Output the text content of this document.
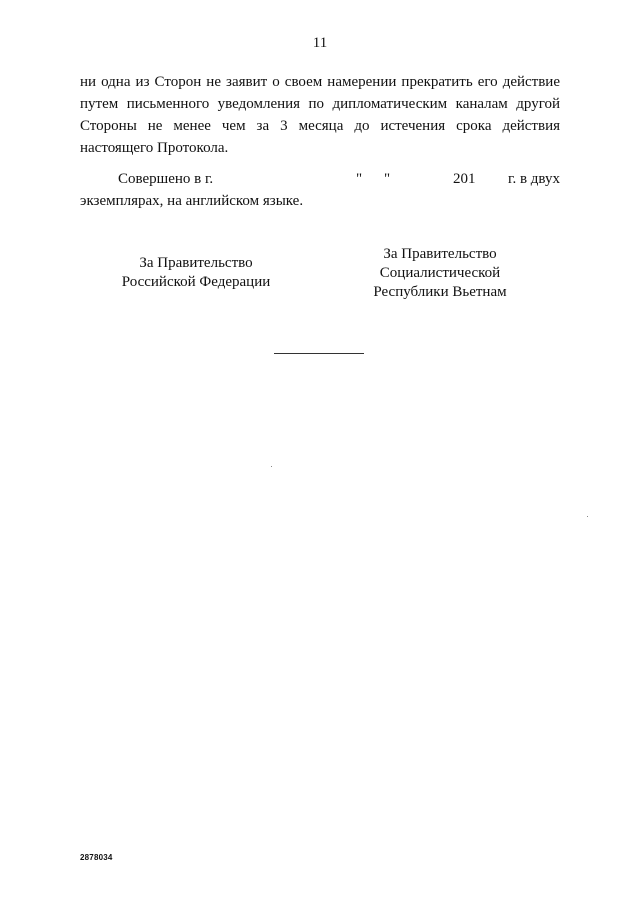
11
ни одна из Сторон не заявит о своем намерении прекратить его действие
путем письменного уведомления по дипломатическим каналам другой
Стороны не менее чем за 3 месяца до истечения срока действия
настоящего Протокола.
Совершено в г.	" "	201 г. в двух
экземплярах, на английском языке.
За Правительство
Российской Федерации
За Правительство
Социалистической
Республики Вьетнам
2878034
